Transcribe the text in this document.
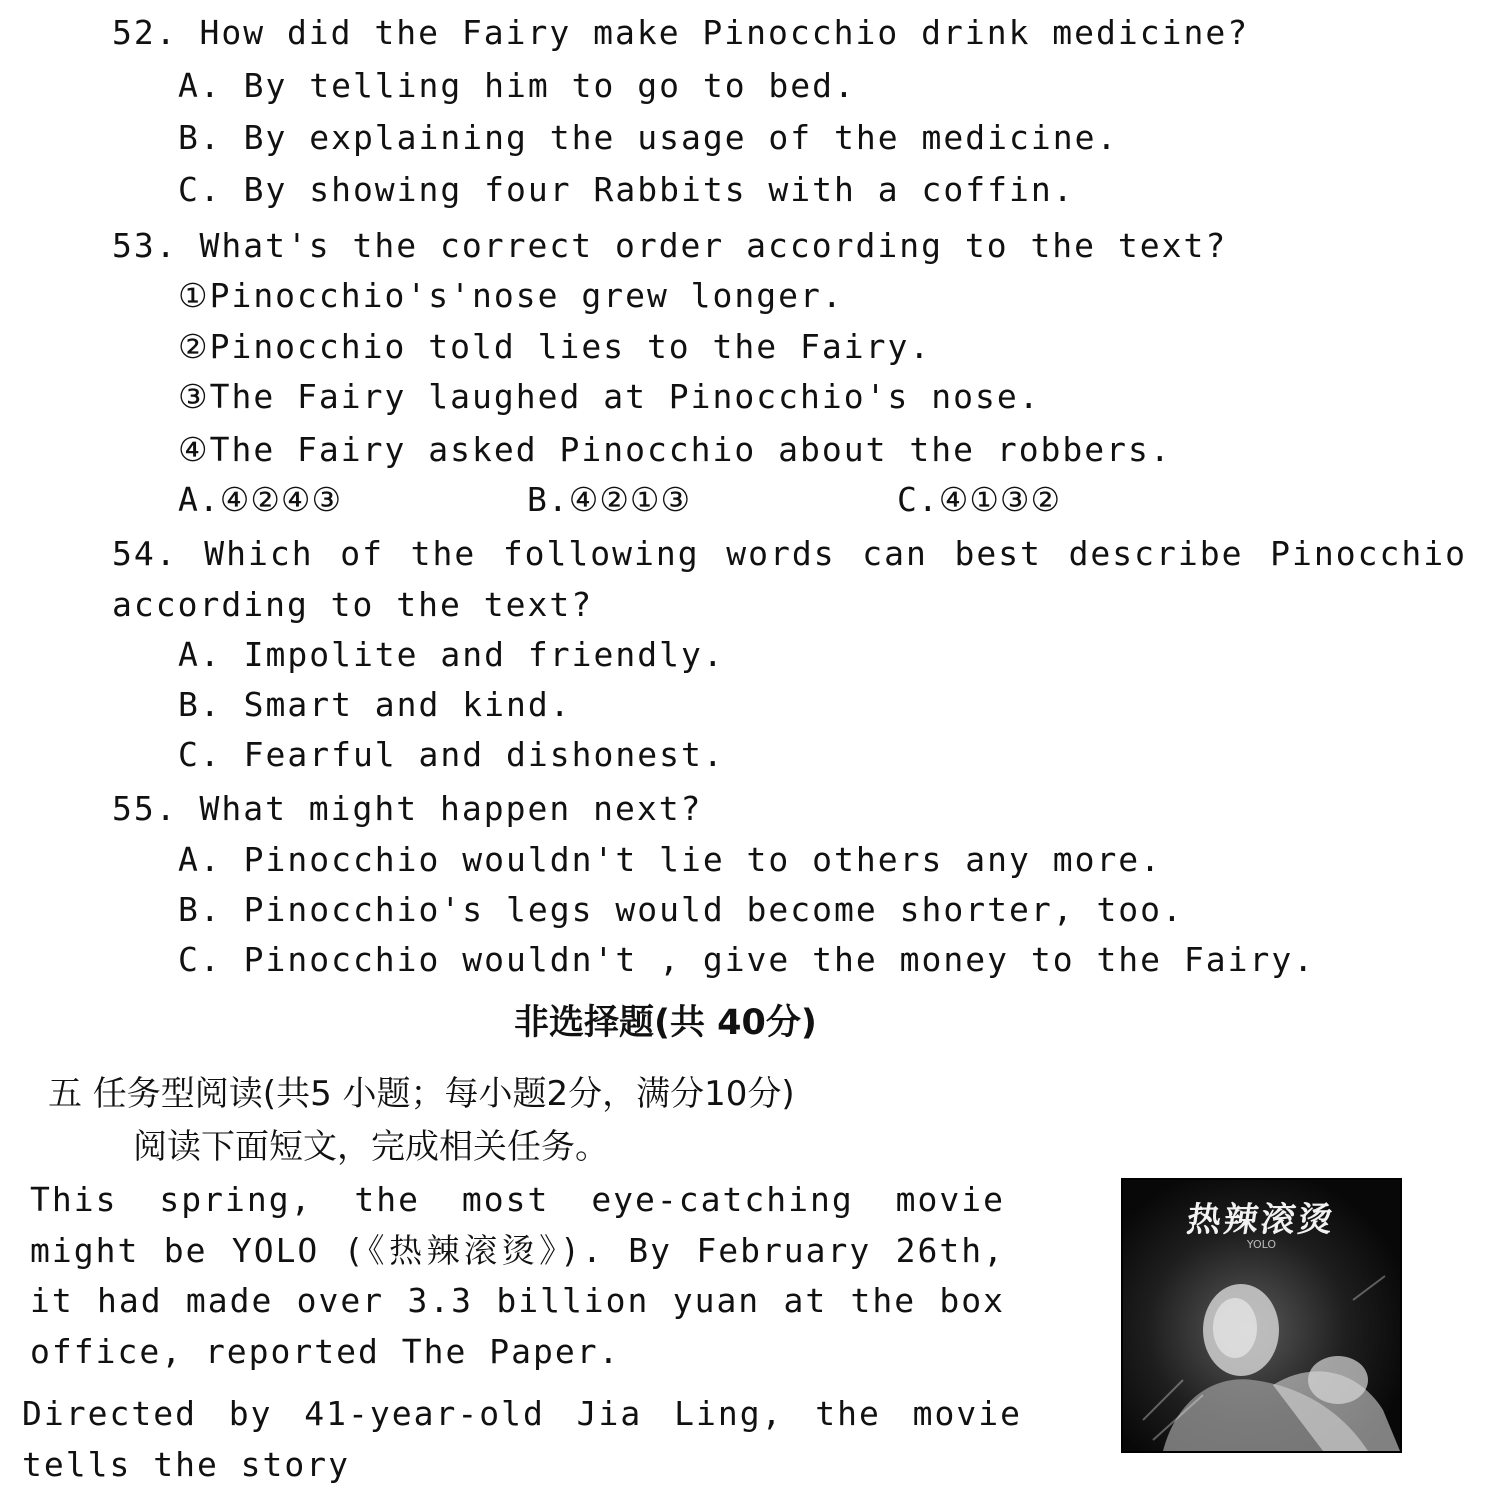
52. How did the Fairy make Pinocchio drink medicine?
A. By telling him to go to bed.
B. By explaining the usage of the medicine.
C. By showing four Rabbits with a coffin.
53. What's the correct order according to the text?
①Pinocchio's'nose grew longer.
②Pinocchio told lies to the Fairy.
③The Fairy laughed at Pinocchio's nose.
④The Fairy asked Pinocchio about the robbers.
A.④②④③	B.④②①③	C.④①③②
54. Which of the following words can best describe Pinocchio
according to the text?
A. Impolite and friendly.
B. Smart and kind.
C. Fearful and dishonest.
55. What might happen next?
A. Pinocchio wouldn't lie to others any more.
B. Pinocchio's legs would become shorter, too.
C. Pinocchio wouldn't , give the money to the Fairy.
非选择题(共 40分)
五 任务型阅读(共5 小题；每小题2分，满分10分)
阅读下面短文，完成相关任务。
This spring, the most eye-catching movie might be YOLO (《热辣滚烫》). By February 26th, it had made over 3.3 billion yuan at the box office, reported The Paper.
Directed by 41-year-old Jia Ling, the movie tells the story
热辣滚烫
YOLO
